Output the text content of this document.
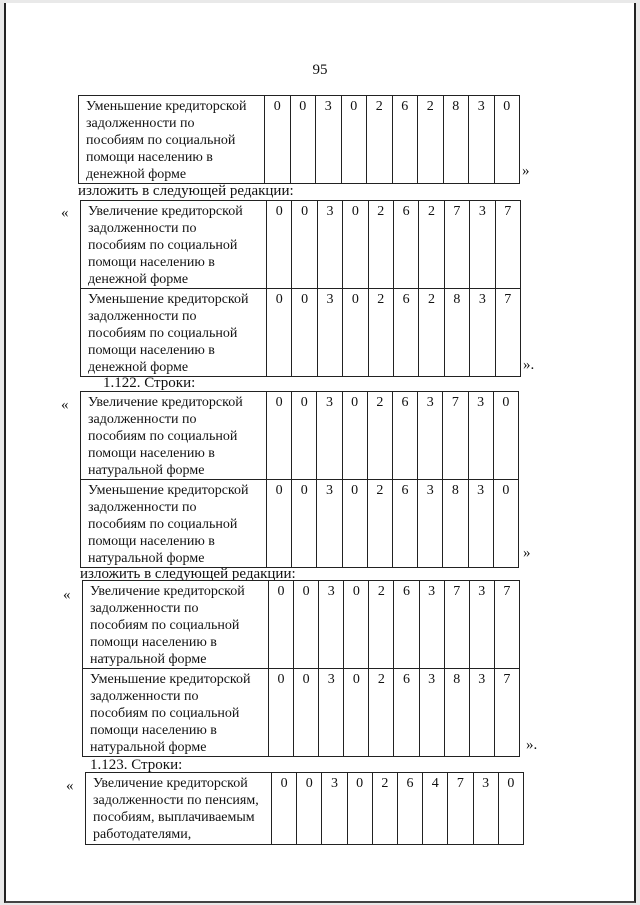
95
Уменьшение кредиторской
задолженности по
пособиям по социальной
помощи населению в
денежной форме
	0	0	3	0	2	6	2	8	3	0
»
изложить в следующей редакции:
« Увеличение кредиторской
задолженности по
пособиям по социальной
помощи населению в
денежной форме	0	0	3	0	2	6	2	7	3	7

Уменьшение кредиторской
задолженности по
пособиям по социальной
помощи населению в
денежной форме	0	0	3	0	2	6	2	8	3	7
».
1.122. Строки:
« Увеличение кредиторской
задолженности по
пособиям по социальной
помощи населению в
натуральной форме	0	0	3	0	2	6	3	7	3	0

Уменьшение кредиторской
задолженности по
пособиям по социальной
помощи населению в
натуральной форме	0	0	3	0	2	6	3	8	3	0
»
изложить в следующей редакции:
« Увеличение кредиторской
задолженности по
пособиям по социальной
помощи населению в
натуральной форме	0	0	3	0	2	6	3	7	3	7

Уменьшение кредиторской
задолженности по
пособиям по социальной
помощи населению в
натуральной форме	0	0	3	0	2	6	3	8	3	7
».
1.123. Строки:
« Увеличение кредиторской
задолженности по пенсиям,
пособиям, выплачиваемым
работодателями,
	0	0	3	0	2	6	4	7	3	0
